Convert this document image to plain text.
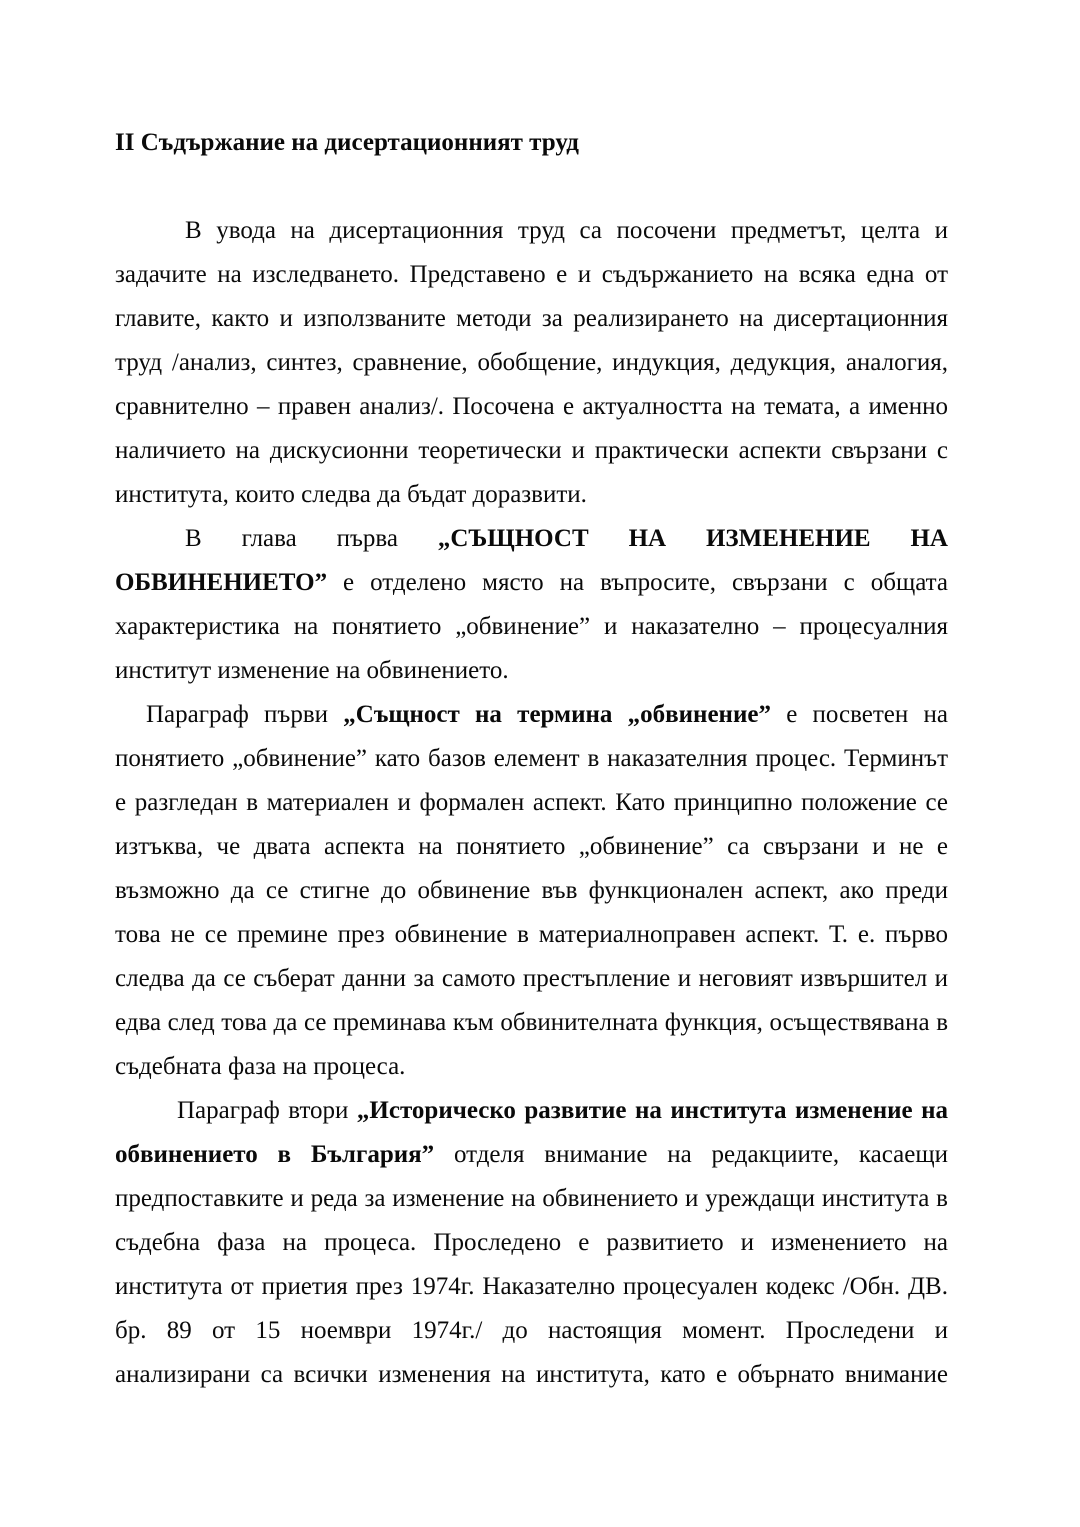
II Съдържание на дисертационният труд

В увода на дисертационния труд са посочени предметът, целта и задачите на изследването. Представено е и съдържанието на всяка една от главите, както и използваните методи за реализирането на дисертационния труд /анализ, синтез, сравнение, обобщение, индукция, дедукция, аналогия, сравнително – правен анализ/. Посочена е актуалността на темата, а именно наличието на дискусионни теоретически и практически аспекти свързани с института, които следва да бъдат доразвити.

В глава първа „СЪЩНОСТ НА ИЗМЕНЕНИЕ НА ОБВИНЕНИЕТО” е отделено място на въпросите, свързани с общата характеристика на понятието „обвинение” и наказателно – процесуалния институт изменение на обвинението.

Параграф първи „Същност на термина „обвинение” е посветен на понятието „обвинение” като базов елемент в наказателния процес. Терминът е разгледан в материален и формален аспект. Като принципно положение се изтъква, че двата аспекта на понятието „обвинение” са свързани и не е възможно да се стигне до обвинение във функционален аспект, ако преди това не се премине през обвинение в материалноправен аспект. Т. е. първо следва да се съберат данни за самото престъпление и неговият извършител и едва след това да се преминава към обвинителната функция, осъществявана в съдебната фаза на процеса.

Параграф втори „Историческо развитие на института изменение на обвинението в България” отделя внимание на редакциите, касаещи предпоставките и реда за изменение на обвинението и уреждащи института в съдебна фаза на процеса. Проследено е развитието и изменението на института от приетия през 1974г. Наказателно процесуален кодекс /Обн. ДВ. бр. 89 от 15 ноември 1974г./ до настоящия момент. Проследени и анализирани са всички изменения на института, като е обърнато внимание
